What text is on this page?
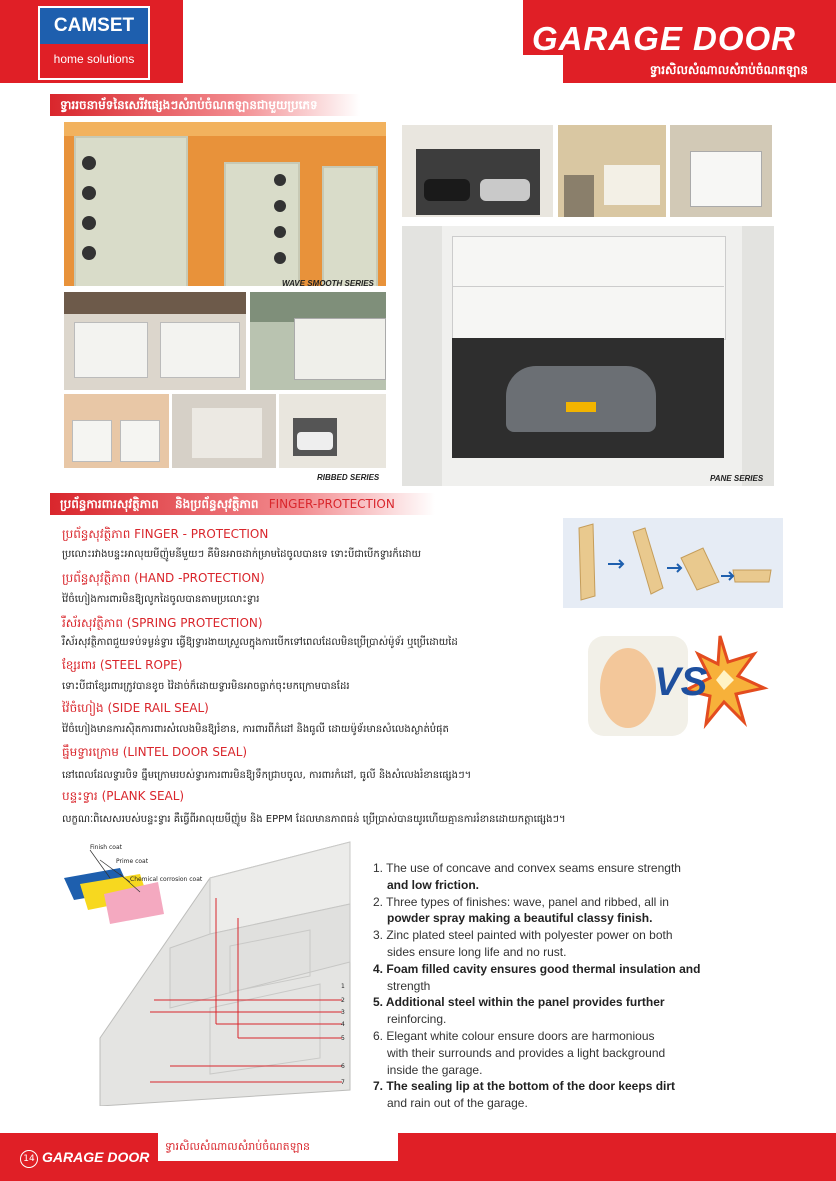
CAMSET
home solutions
GARAGE DOOR
ទ្វារសិលសំណាលសំរាប់ចំណតឡាន
ទ្វាររចនាម័ទនៃសេរីវផ្សេងៗសំរាប់ចំណតឡានជាមួយប្រភេទ
WAVE SMOOTH SERIES
RIBBED SERIES	PANE SERIES
ប្រព័ន្ធការពារសុវត្ថិភាព និងប្រព័ន្ធសុវត្ថិភាព FINGER-PROTECTION
ប្រព័ន្ធសុវត្ថិភាព FINGER - PROTECTION
ប្រលោះរវាងបន្ទះអាលុយមីញ៉ូមនីមួយៗ គឺមិនអាចដាក់ម្រាមដៃចូលបានទេ ទោះបីជាបើកទ្វារក៏ដោយ
ប្រព័ន្ធសុវត្ថិភាព (HAND -PROTECTION)
វ៉ៃចំហៀងការពារមិនឱ្យលូកដៃចូលបានតាមប្រលោះទ្វារ
រឺស័រសុវត្ថិភាព (SPRING PROTECTION)
រឺស័រសុវត្ថិភាពជួយទប់ទម្ងន់ទ្វារ ធ្វើឱ្យទ្វារងាយស្រួលក្នុងការបើកទៅពេលដែលមិនប្រើប្រាស់ម៉ូទ័រ ឬប្រើដោយដៃ
ខ្សែរពារ (STEEL ROPE)
ទោះបីជាខ្សែរពារក្រូវបានខូច វ៉ៃដាច់ក៏ដោយទ្វារមិនអាចធ្លាក់ចុះមកក្រោមបានដែរ
វ៉ៃចំហៀង (SIDE RAIL SEAL)
វ៉ៃចំហៀងមានការស៊ិតការពារសំលេងមិនឱ្យរំខាន, ការពារពីកំដៅ និងធូលី ដោយម៉ូទ័រមានសំលេងស្ងាត់បំផុត
ធ្នឹមទ្វារក្រោម (LINTEL DOOR SEAL)
នៅពេលដែលទ្វារបិទ ធ្នឹមក្រោមរបស់ទ្វារការពារមិនឱ្យទឹកជ្រាបចូល, ការពារកំដៅ, ធូលី និងសំលេងរំខានផ្សេងៗ។
បន្ទះទ្វារ (PLANK SEAL)
លក្ខណៈពិសេសរបស់បន្ទះទ្វារ គឺធ្វើពីអាលុយមីញ៉ូម និង EPPM ដែលមានភាពធន់ ប្រើប្រាស់បានយូរហើយគ្មានការរំខានដោយកត្តាផ្សេងៗ។
VS
Finish coat
Prime coat
Chemical corrosion coat
1
2
3
4
5
6
7

1. The use of concave and convex seams ensure strength

and low friction.

2. Three types of finishes: wave, panel and ribbed, all in

powder spray making a beautiful classy finish.

3. Zinc plated steel painted with polyester power on both

sides ensure long life and no rust.

4. Foam filled cavity ensures good thermal insulation and

strength

5. Additional steel within the panel provides further

reinforcing.

6. Elegant white colour ensure doors are harmonious

with their surrounds and provides a light background

inside the garage.

7. The sealing lip at the bottom of the door keeps dirt

and rain out of the garage.

14 GARAGE DOOR
ទ្វារសិលសំណាលសំរាប់ចំណតឡាន
